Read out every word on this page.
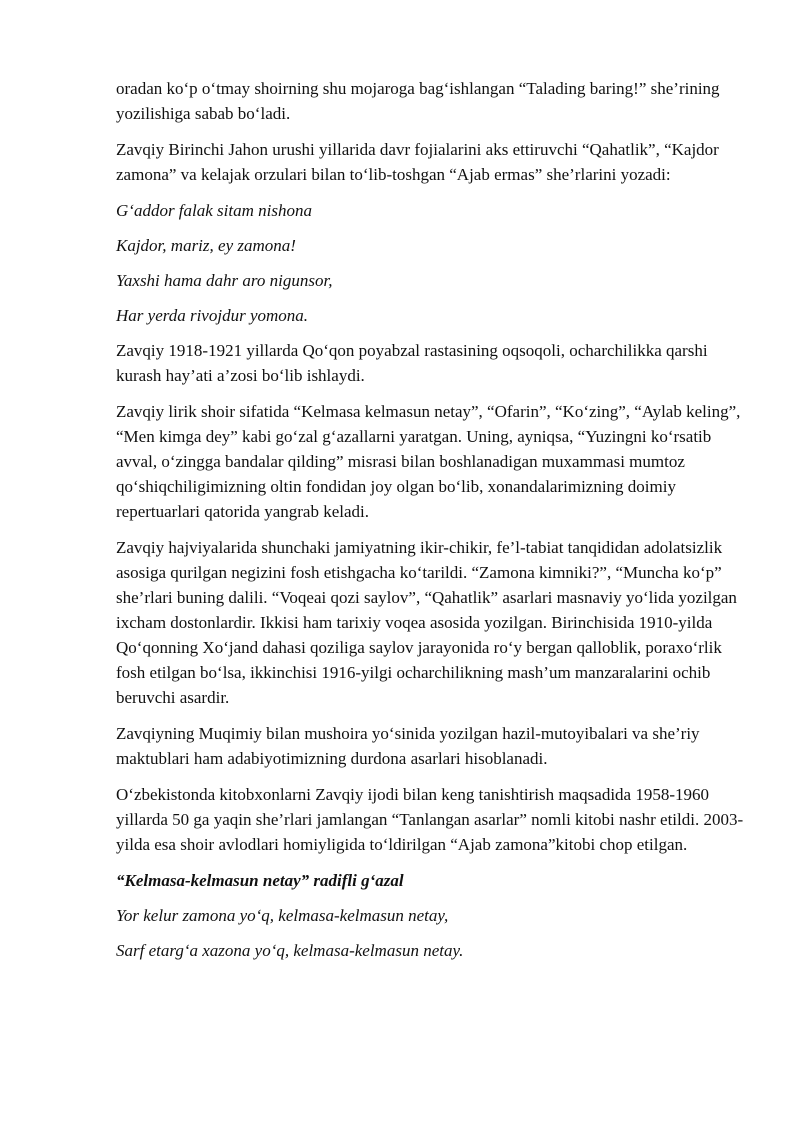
oradan koʻp oʻtmay shoirning shu mojaroga bagʻishlangan “Talading baring!” she’rining yozilishiga sabab boʻladi.

Zavqiy Birinchi Jahon urushi yillarida davr fojialarini aks ettiruvchi “Qahatlik”, “Kajdor zamona” va kelajak orzulari bilan toʻlib-toshgan “Ajab ermas” she’rlarini yozadi:

Gʻaddor falak sitam nishona

Kajdor, mariz, ey zamona!

Yaxshi hama dahr aro nigunsor,

Har yerda rivojdur yomona.

Zavqiy 1918-1921 yillarda Qoʻqon poyabzal rastasining oqsoqoli, ocharchilikka qarshi kurash hay’ati a’zosi boʻlib ishlaydi.

Zavqiy lirik shoir sifatida “Kelmasa kelmasun netay”, “Ofarin”, “Koʻzing”, “Aylab keling”, “Men kimga dey” kabi goʻzal gʻazallarni yaratgan. Uning, ayniqsa, “Yuzingni koʻrsatib avval, oʻzingga bandalar qilding” misrasi bilan boshlanadigan muxammasi mumtoz qoʻshiqchiligimizning oltin fondidan joy olgan boʻlib, xonandalarimizning doimiy repertuarlari qatorida yangrab keladi.

Zavqiy hajviyalarida shunchaki jamiyatning ikir-chikir, fe’l-tabiat tanqididan adolatsizlik asosiga qurilgan negizini fosh etishgacha koʻtarildi. “Zamona kimniki?”, “Muncha koʻp” she’rlari buning dalili. “Voqeai qozi saylov”, “Qahatlik” asarlari masnaviy yoʻlida yozilgan ixcham dostonlardir. Ikkisi ham tarixiy voqea asosida yozilgan. Birinchisida 1910-yilda Qoʻqonning Xoʻjand dahasi qoziliga saylov jarayonida roʻy bergan qalloblik, poraxoʻrlik fosh etilgan boʻlsa, ikkinchisi 1916-yilgi ocharchilikning mash’um manzaralarini ochib beruvchi asardir.

Zavqiyning Muqimiy bilan mushoira yoʻsinida yozilgan hazil-mutoyibalari va she’riy maktublari ham adabiyotimizning durdona asarlari hisoblanadi.

Oʻzbekistonda kitobxonlarni Zavqiy ijodi bilan keng tanishtirish maqsadida 1958-1960 yillarda 50 ga yaqin she’rlari jamlangan “Tanlangan asarlar” nomli kitobi nashr etildi. 2003-yilda esa shoir avlodlari homiyligida toʻldirilgan “Ajab zamona”kitobi chop etilgan.

“Kelmasa-kelmasun netay” radifli gʻazal

Yor kelur zamona yoʻq, kelmasa-kelmasun netay,

Sarf etargʻa xazona yoʻq, kelmasa-kelmasun netay.
